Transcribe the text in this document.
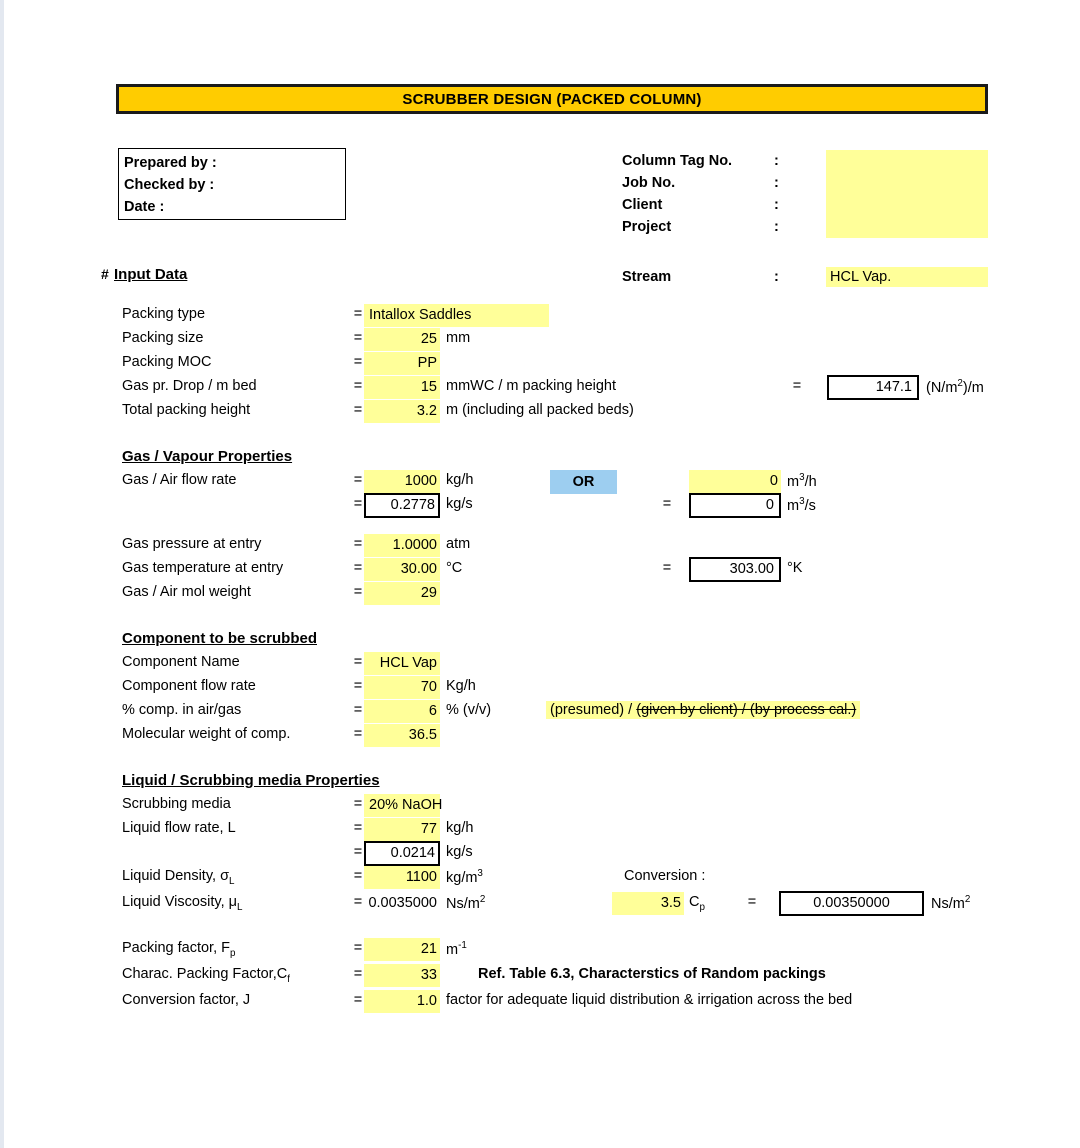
SCRUBBER DESIGN (PACKED COLUMN)
Prepared by :
Checked by :
Date :
Column Tag No.	:
Job No.	:
Client	:
Project	:
# Input Data	Stream	:	HCL Vap.
Packing type	= Intallox Saddles
Packing size	=	25 mm
Packing MOC	=	PP
Gas pr. Drop / m bed	=	15 mmWC / m packing height	=	147.1 $(N/m^2)/m$
Total packing height	=	3.2 m (including all packed beds)
Gas / Vapour Properties
Gas / Air flow rate	=	1000 kg/h	OR	0 $m^3/h$
=	0.2778 kg/s	=	0 $m^3/s$
Gas pressure at entry	=	1.0000 atm
Gas temperature at entry	=	30.00 °C	=	303.00 °K
Gas / Air mol weight	=	29
Component to be scrubbed
Component Name	=	HCL Vap
Component flow rate	=	70 Kg/h
% comp. in air/gas	=	6 % (v/v)	(presumed) / (given by client) / (by process cal.)
Molecular weight of comp.	=	36.5
Liquid / Scrubbing media Properties
Scrubbing media	= 20% NaOH
Liquid flow rate, L	=	77 kg/h
=	0.0214 kg/s
Liquid Density, $\sigma_L$	=	1100 $kg/m^3$	Conversion :
Liquid Viscosity, $\mu_L$	= 0.0035000 $Ns/m^2$	3.5 $C_p$	=	0.00350000	$Ns/m^2$
Packing factor, $F_p$	=	21 $m^{-1}$
Charac. Packing $Factor,C_f$	=	33	Ref. Table 6.3, Characterstics of Random packings
Conversion factor, J	=	1.0 factor for adequate liquid distribution & irrigation across the bed
